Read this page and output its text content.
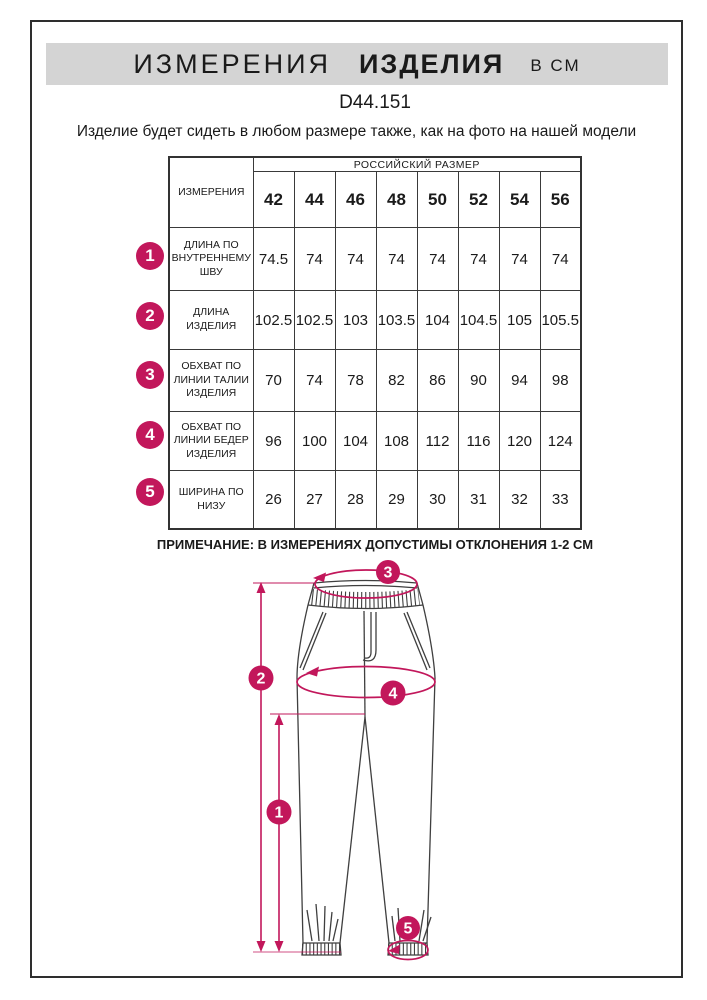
ИЗМЕРЕНИЯ ИЗДЕЛИЯ В СМ
D44.151
Изделие будет сидеть в любом размере также, как на фото на нашей модели
ИЗМЕРЕНИЯ	РОССИЙСКИЙ РАЗМЕР							
	42	44	46	48	50	52	54	56
ДЛИНА ПО ВНУТРЕННЕМУ ШВУ	74.5	74	74	74	74	74	74	74
ДЛИНА ИЗДЕЛИЯ	102.5	102.5	103	103.5	104	104.5	105	105.5
ОБХВАТ ПО ЛИНИИ ТАЛИИ ИЗДЕЛИЯ	70	74	78	82	86	90	94	98
ОБХВАТ ПО ЛИНИИ БЕДЕР ИЗДЕЛИЯ	96	100	104	108	112	116	120	124
ШИРИНА ПО НИЗУ	26	27	28	29	30	31	32	33
1
2
3
4
5
ПРИМЕЧАНИЕ: В ИЗМЕРЕНИЯХ ДОПУСТИМЫ ОТКЛОНЕНИЯ 1-2 СМ
3
2
4
1
5
